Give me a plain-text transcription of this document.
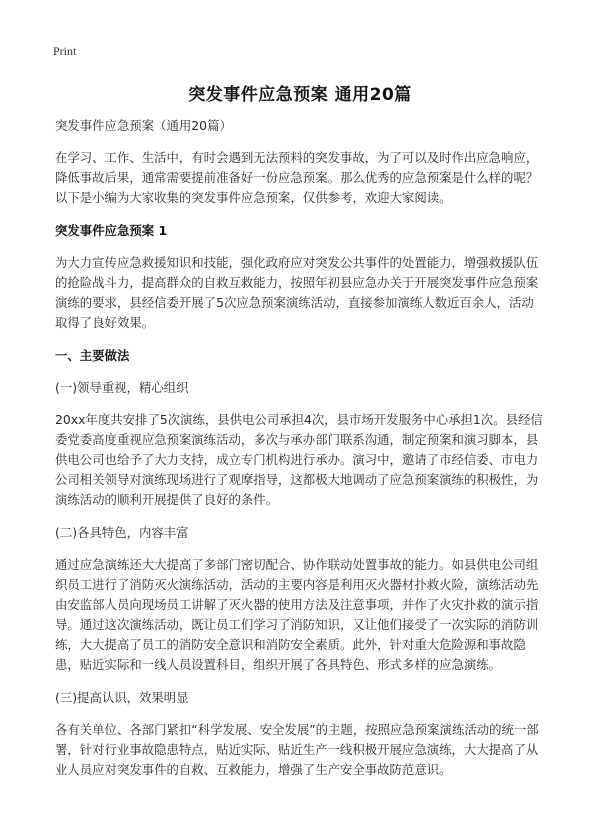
Print
突发事件应急预案 通用20篇

突发事件应急预案（通用20篇）

在学习、工作、生活中，有时会遇到无法预料的突发事故，为了可以及时作出应急响应，降低事故后果，通常需要提前准备好一份应急预案。那么优秀的应急预案是什么样的呢？以下是小编为大家收集的突发事件应急预案，仅供参考，欢迎大家阅读。

突发事件应急预案 1

为大力宣传应急救援知识和技能，强化政府应对突发公共事件的处置能力，增强救援队伍的抢险战斗力，提高群众的自救互救能力，按照年初县应急办关于开展突发事件应急预案演练的要求，县经信委开展了5次应急预案演练活动，直接参加演练人数近百余人，活动取得了良好效果。

一、主要做法

(一)领导重视，精心组织

20xx年度共安排了5次演练，县供电公司承担4次，县市场开发服务中心承担1次。县经信委党委高度重视应急预案演练活动，多次与承办部门联系沟通，制定预案和演习脚本，县供电公司也给予了大力支持，成立专门机构进行承办。演习中，邀请了市经信委、市电力公司相关领导对演练现场进行了观摩指导，这都极大地调动了应急预案演练的积极性，为演练活动的顺利开展提供了良好的条件。

(二)各具特色，内容丰富

通过应急演练还大大提高了多部门密切配合、协作联动处置事故的能力。如县供电公司组织员工进行了消防灭火演练活动，活动的主要内容是利用灭火器材扑救火险，演练活动先由安监部人员向现场员工讲解了灭火器的使用方法及注意事项，并作了火灾扑救的演示指导。通过这次演练活动，既让员工们学习了消防知识，又让他们接受了一次实际的消防训练，大大提高了员工的消防安全意识和消防安全素质。此外，针对重大危险源和事故隐患，贴近实际和一线人员设置科目，组织开展了各具特色、形式多样的应急演练。

(三)提高认识，效果明显

各有关单位、各部门紧扣“科学发展、安全发展”的主题，按照应急预案演练活动的统一部署，针对行业事故隐患特点，贴近实际、贴近生产一线积极开展应急演练，大大提高了从业人员应对突发事件的自救、互救能力，增强了生产安全事故防范意识。
